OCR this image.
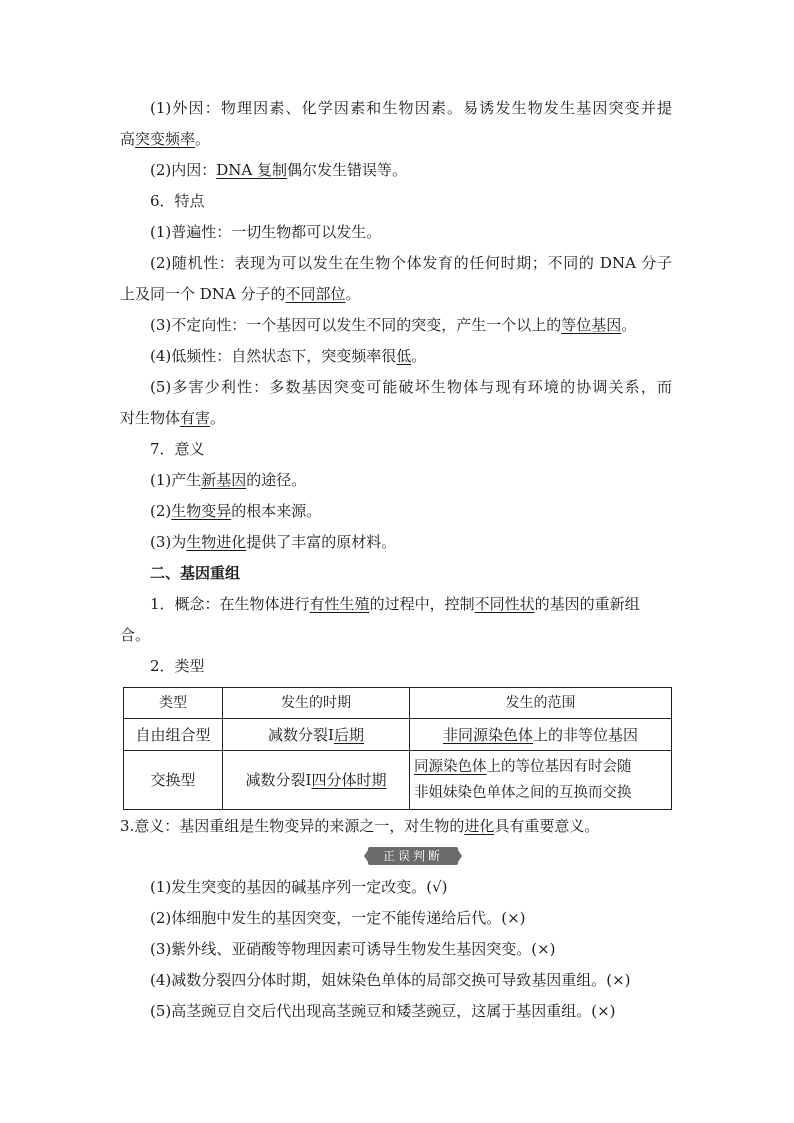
(1)外因：物理因素、化学因素和生物因素。易诱发生物发生基因突变并提
高突变频率。
(2)内因：DNA 复制偶尔发生错误等。
6．特点
(1)普遍性：一切生物都可以发生。
(2)随机性：表现为可以发生在生物个体发育的任何时期；不同的 DNA 分子
上及同一个 DNA 分子的不同部位。
(3)不定向性：一个基因可以发生不同的突变，产生一个以上的等位基因。
(4)低频性：自然状态下，突变频率很低。
(5)多害少利性：多数基因突变可能破坏生物体与现有环境的协调关系，而
对生物体有害。
7．意义
(1)产生新基因的途径。
(2)生物变异的根本来源。
(3)为生物进化提供了丰富的原材料。
二、基因重组
1．概念：在生物体进行有性生殖的过程中，控制不同性状的基因的重新组
合。
2．类型
类型	发生的时期	发生的范围
自由组合型	减数分裂Ⅰ后期	非同源染色体上的非等位基因
交换型	减数分裂Ⅰ四分体时期	同源染色体上的等位基因有时会随
非姐妹染色单体之间的互换而交换
3.意义：基因重组是生物变异的来源之一，对生物的进化具有重要意义。
正误判断
(1)发生突变的基因的碱基序列一定改变。(√)
(2)体细胞中发生的基因突变，一定不能传递给后代。(×)
(3)紫外线、亚硝酸等物理因素可诱导生物发生基因突变。(×)
(4)减数分裂四分体时期，姐妹染色单体的局部交换可导致基因重组。(×)
(5)高茎豌豆自交后代出现高茎豌豆和矮茎豌豆，这属于基因重组。(×)
